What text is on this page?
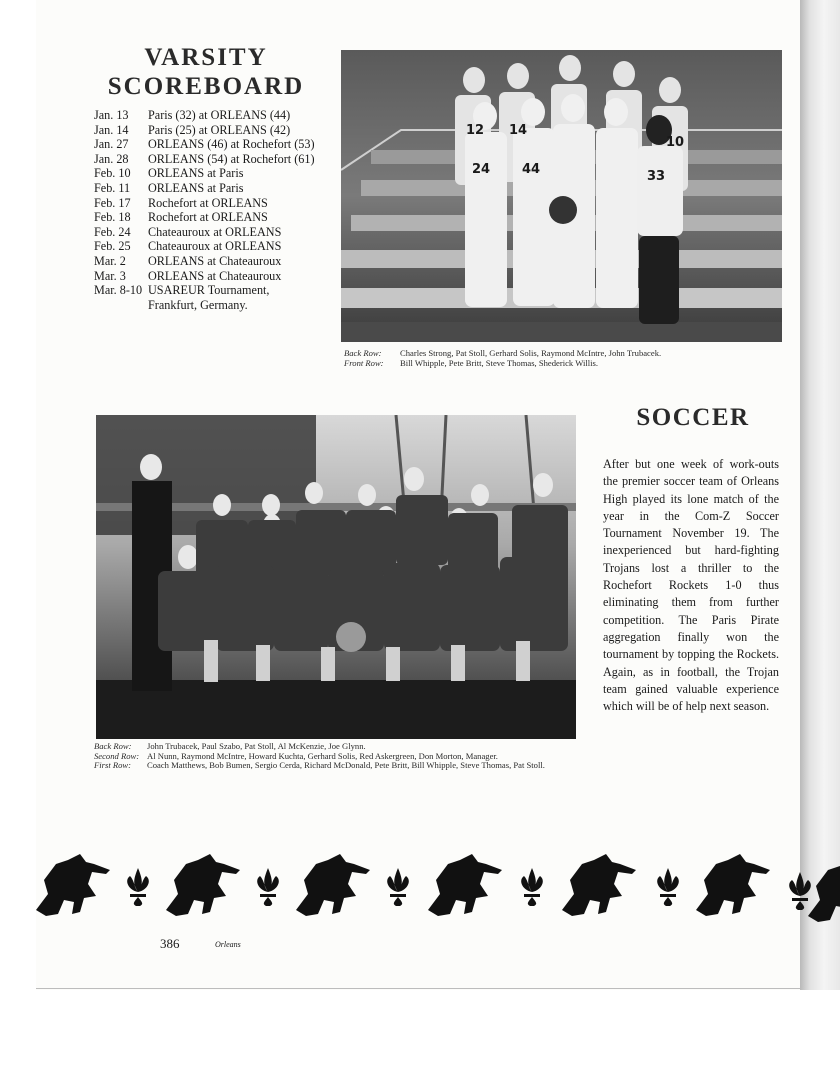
VARSITY
SCOREBOARD
Jan. 13	Paris (32) at ORLEANS (44)
Jan. 14	Paris (25) at ORLEANS (42)
Jan. 27	ORLEANS (46) at Rochefort (53)
Jan. 28	ORLEANS (54) at Rochefort (61)
Feb. 10	ORLEANS at Paris
Feb. 11	ORLEANS at Paris
Feb. 17	Rochefort at ORLEANS
Feb. 18	Rochefort at ORLEANS
Feb. 24	Chateauroux at ORLEANS
Feb. 25	Chateauroux at ORLEANS
Mar. 2	ORLEANS at Chateauroux
Mar. 3	ORLEANS at Chateauroux
Mar. 8-10 USAREUR Tournament, Frankfurt, Germany.
12 14
10
24 44	33
Back Row:	Charles Strong, Pat Stoll, Gerhard Solis, Raymond McIntre, John Trubacek.
Front Row:	Bill Whipple, Pete Britt, Steve Thomas, Shederick Willis.
Back Row:	John Trubacek, Paul Szabo, Pat Stoll, Al McKenzie, Joe Glynn.
Second Row: Al Nunn, Raymond McIntre, Howard Kuchta, Gerhard Solis, Red Askergreen, Don Morton, Manager.
First Row:	Coach Matthews, Bob Bumen, Sergio Cerda, Richard McDonald, Pete Britt, Bill Whipple, Steve Thomas, Pat Stoll.
SOCCER
After but one week of work-outs the premier soccer team of Orleans High played its lone match of the year in the Com-Z Soccer Tournament November 19. The inexperienced but hard-fighting Trojans lost a thriller to the Rochefort Rockets 1-0 thus eliminating them from further competition. The Paris Pirate aggregation finally won the tournament by topping the Rockets. Again, as in football, the Trojan team gained valuable experience which will be of help next season.
386	Orleans
